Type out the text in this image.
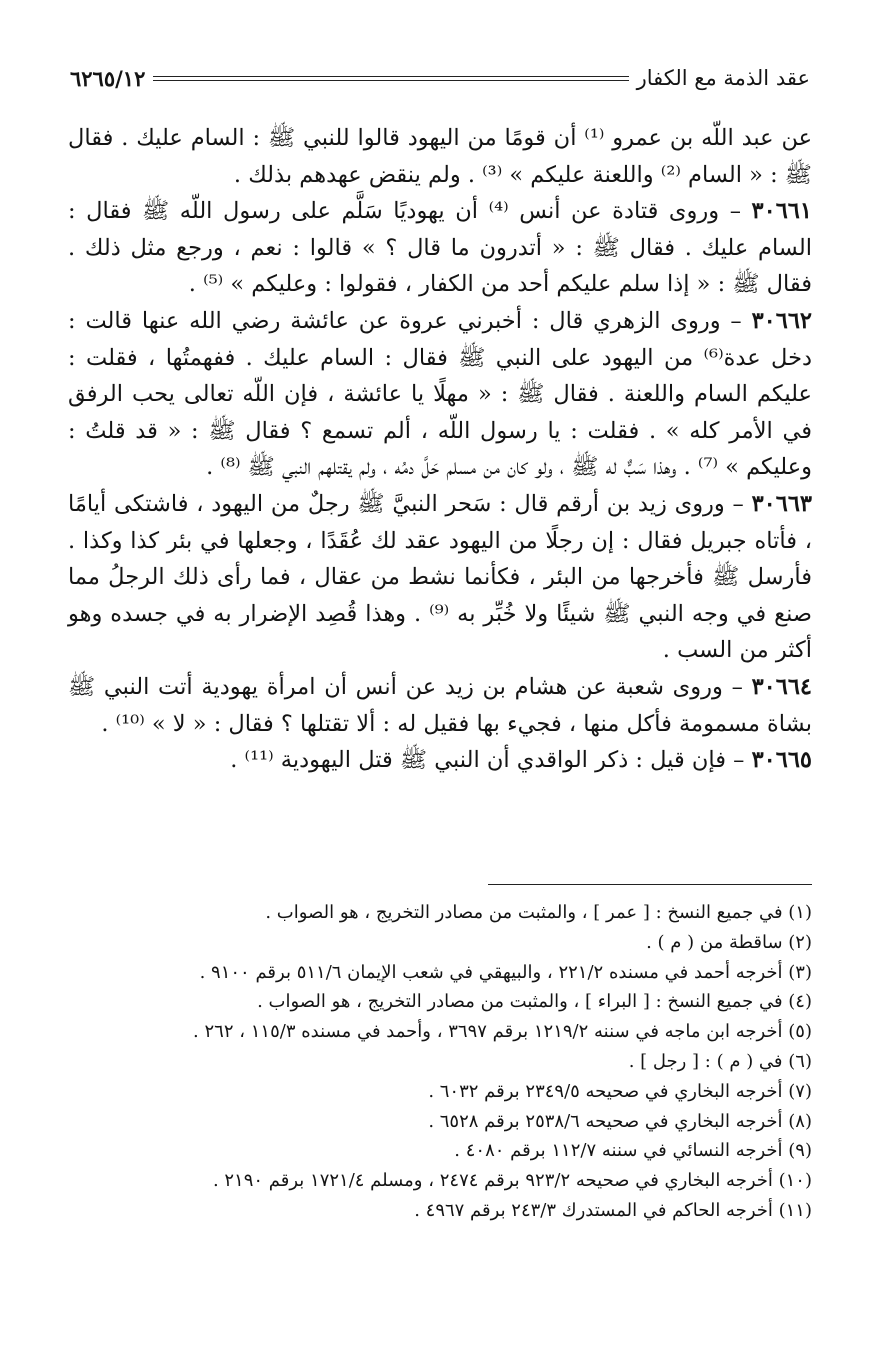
عقد الذمة مع الكفار
٦٢٦٥/١٢

عن عبد اللّه بن عمرو ⁽¹⁾ أن قومًا من اليهود قالوا للنبي ﷺ : السام عليك . فقال ﷺ : « السام ⁽²⁾ واللعنة عليكم » ⁽³⁾ . ولم ينقض عهدهم بذلك .

٣٠٦٦١ – وروى قتادة عن أنس ⁽⁴⁾ أن يهوديًا سَلَّم على رسول اللّه ﷺ فقال : السام عليك . فقال ﷺ : « أتدرون ما قال ؟ » قالوا : نعم ، ورجع مثل ذلك . فقال ﷺ : « إذا سلم عليكم أحد من الكفار ، فقولوا : وعليكم » ⁽⁵⁾ .

٣٠٦٦٢ – وروى الزهري قال : أخبرني عروة عن عائشة رضي الله عنها قالت : دخل عدة⁽⁶⁾ من اليهود على النبي ﷺ فقال : السام عليك . ففهمتُها ، فقلت : عليكم السام واللعنة . فقال ﷺ : « مهلًا يا عائشة ، فإن اللّه تعالى يحب الرفق في الأمر كله » . فقلت : يا رسول اللّه ، ألم تسمع ؟ فقال ﷺ : « قد قلتُ : وعليكم » ⁽⁷⁾ . وهذا سَبٌّ له ﷺ ، ولو كان من مسلم حَلَّ دمُه ، ولم يقتلهم النبي ﷺ ⁽⁸⁾ .

٣٠٦٦٣ – وروى زيد بن أرقم قال : سَحر النبيَّ ﷺ رجلٌ من اليهود ، فاشتكى أيامًا ، فأتاه جبريل فقال : إن رجلًا من اليهود عقد لك عُقَدًا ، وجعلها في بئر كذا وكذا . فأرسل ﷺ فأخرجها من البئر ، فكأنما نشط من عقال ، فما رأى ذلك الرجلُ مما صنع في وجه النبي ﷺ شيئًا ولا خُبِّر به ⁽⁹⁾ . وهذا قُصِد الإضرار به في جسده وهو أكثر من السب .

٣٠٦٦٤ – وروى شعبة عن هشام بن زيد عن أنس أن امرأة يهودية أتت النبي ﷺ بشاة مسمومة فأكل منها ، فجيء بها فقيل له : ألا تقتلها ؟ فقال : « لا » ⁽¹⁰⁾ .

٣٠٦٦٥ – فإن قيل : ذكر الواقدي أن النبي ﷺ قتل اليهودية ⁽¹¹⁾ .

(١) في جميع النسخ : [ عمر ] ، والمثبت من مصادر التخريج ، هو الصواب .
(٢) ساقطة من ( م ) .
(٣) أخرجه أحمد في مسنده ٢٢١/٢ ، والبيهقي في شعب الإيمان ٥١١/٦ برقم ٩١٠٠ .
(٤) في جميع النسخ : [ البراء ] ، والمثبت من مصادر التخريج ، هو الصواب .
(٥) أخرجه ابن ماجه في سننه ١٢١٩/٢ برقم ٣٦٩٧ ، وأحمد في مسنده ١١٥/٣ ، ٢٦٢ .
(٦) في ( م ) : [ رجل ] .
(٧) أخرجه البخاري في صحيحه ٢٣٤٩/٥ برقم ٦٠٣٢ .
(٨) أخرجه البخاري في صحيحه ٢٥٣٨/٦ برقم ٦٥٢٨ .
(٩) أخرجه النسائي في سننه ١١٢/٧ برقم ٤٠٨٠ .
(١٠) أخرجه البخاري في صحيحه ٩٢٣/٢ برقم ٢٤٧٤ ، ومسلم ١٧٢١/٤ برقم ٢١٩٠ .
(١١) أخرجه الحاكم في المستدرك ٢٤٣/٣ برقم ٤٩٦٧ .
